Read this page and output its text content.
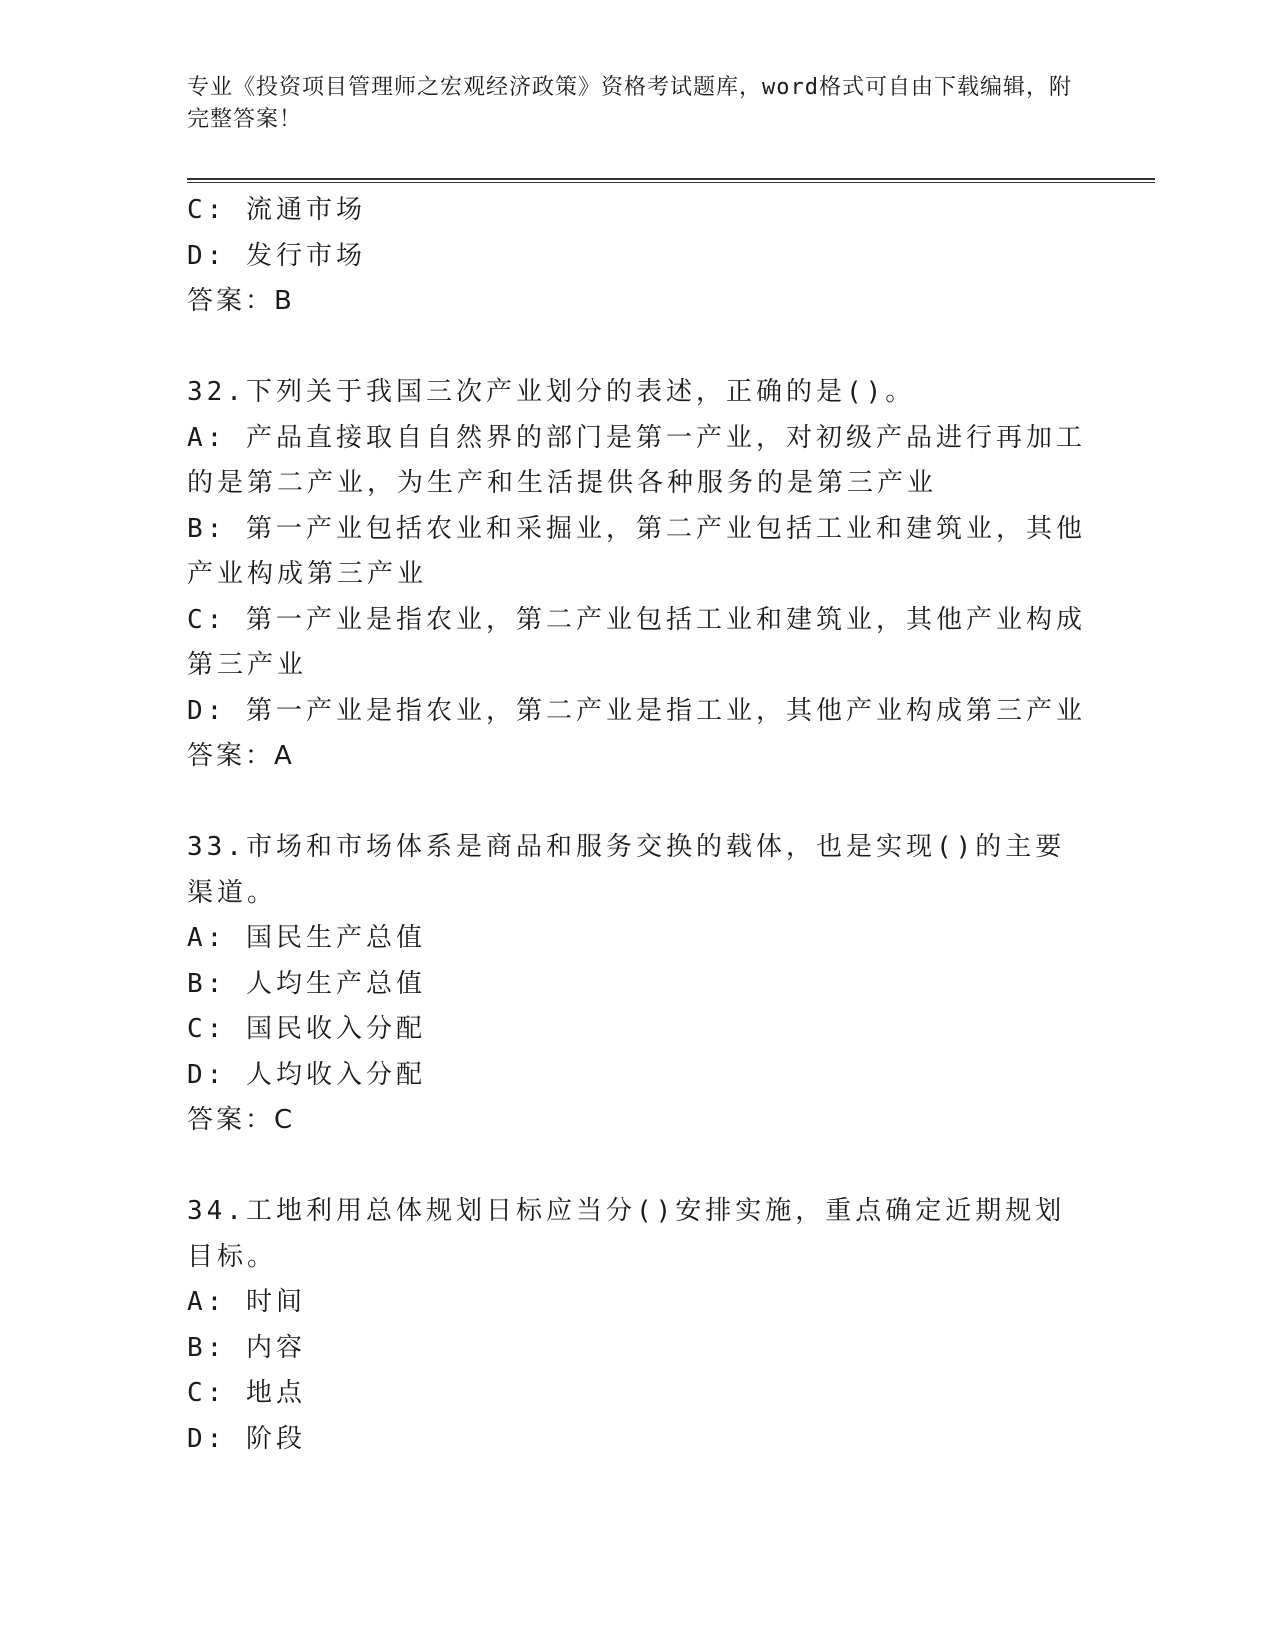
专业《投资项目管理师之宏观经济政策》资格考试题库，word格式可自由下载编辑，附完整答案！
C: 流通市场
D: 发行市场
答案：B
32.下列关于我国三次产业划分的表述，正确的是()。
A: 产品直接取自自然界的部门是第一产业，对初级产品进行再加工的是第二产业，为生产和生活提供各种服务的是第三产业
B: 第一产业包括农业和采掘业，第二产业包括工业和建筑业，其他产业构成第三产业
C: 第一产业是指农业，第二产业包括工业和建筑业，其他产业构成第三产业
D: 第一产业是指农业，第二产业是指工业，其他产业构成第三产业
答案：A
33.市场和市场体系是商品和服务交换的载体，也是实现()的主要渠道。
A: 国民生产总值
B: 人均生产总值
C: 国民收入分配
D: 人均收入分配
答案：C
34.工地利用总体规划日标应当分()安排实施，重点确定近期规划目标。
A: 时间
B: 内容
C: 地点
D: 阶段
